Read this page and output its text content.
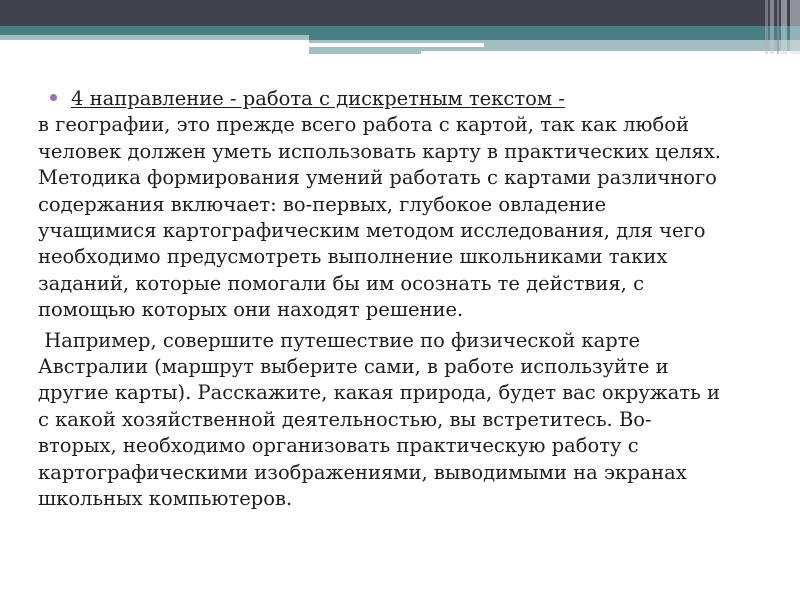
4 направление - работа с дискретным текстом -
в географии, это прежде всего работа с картой, так как любой
человек должен уметь использовать карту в практических целях.
Методика формирования умений работать с картами различного
содержания включает: во-первых, глубокое овладение
учащимися картографическим методом исследования, для чего
необходимо предусмотреть выполнение школьниками таких
заданий, которые помогали бы им осознать те действия, с
помощью которых они находят решение.
Например, совершите путешествие по физической карте
Австралии (маршрут выберите сами, в работе используйте и
другие карты). Расскажите, какая природа, будет вас окружать и
с какой хозяйственной деятельностью, вы встретитесь. Во-
вторых, необходимо организовать практическую работу с
картографическими изображениями, выводимыми на экранах
школьных компьютеров.
